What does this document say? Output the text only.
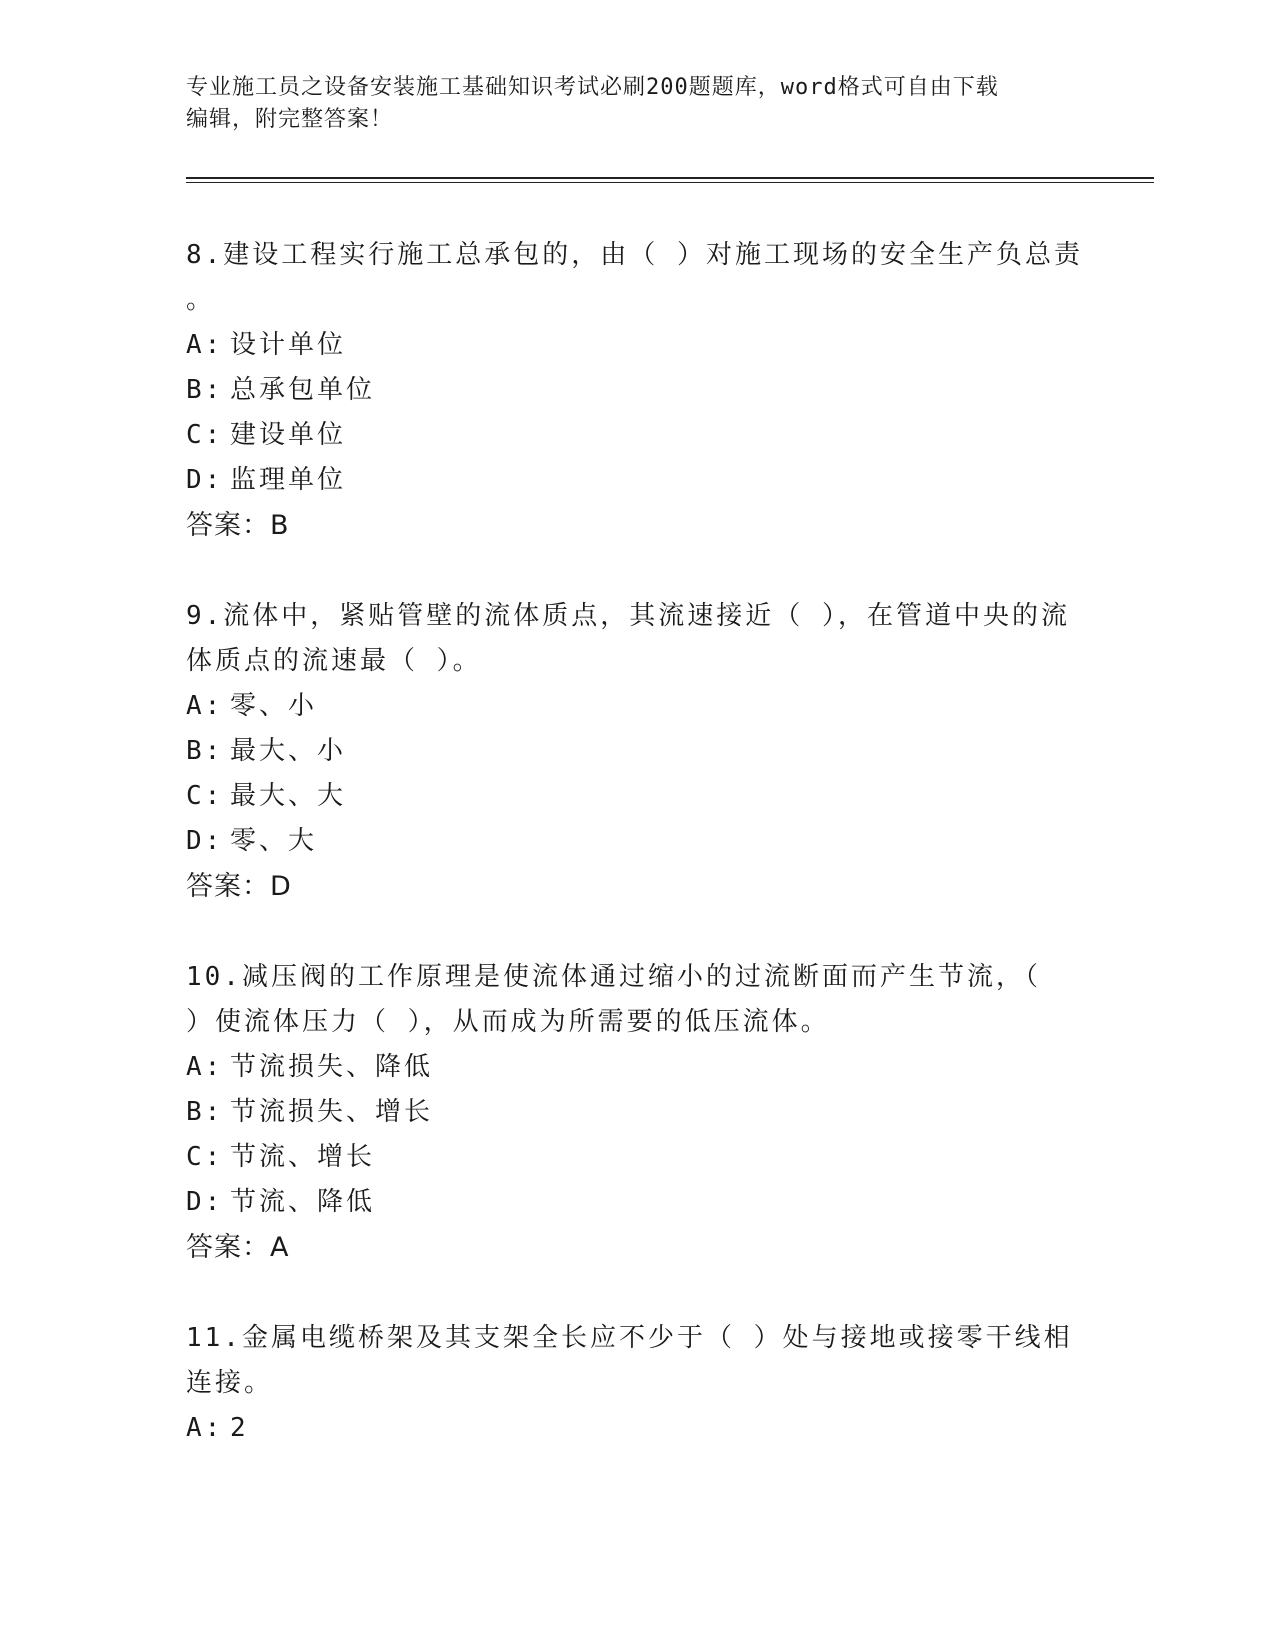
专业施工员之设备安装施工基础知识考试必刷200题题库，word格式可自由下载
编辑，附完整答案！

8.建设工程实行施工总承包的，由（ ）对施工现场的安全生产负总责

。

A: 设计单位

B: 总承包单位

C: 建设单位

D: 监理单位

答案：B

9.流体中，紧贴管壁的流体质点，其流速接近（ ），在管道中央的流

体质点的流速最（ ）。

A: 零、小

B: 最大、小

C: 最大、大

D: 零、大

答案：D

10.减压阀的工作原理是使流体通过缩小的过流断面而产生节流，（

）使流体压力（ ），从而成为所需要的低压流体。

A: 节流损失、降低

B: 节流损失、增长

C: 节流、增长

D: 节流、降低

答案：A

11.金属电缆桥架及其支架全长应不少于（ ）处与接地或接零干线相

连接。

A: 2
